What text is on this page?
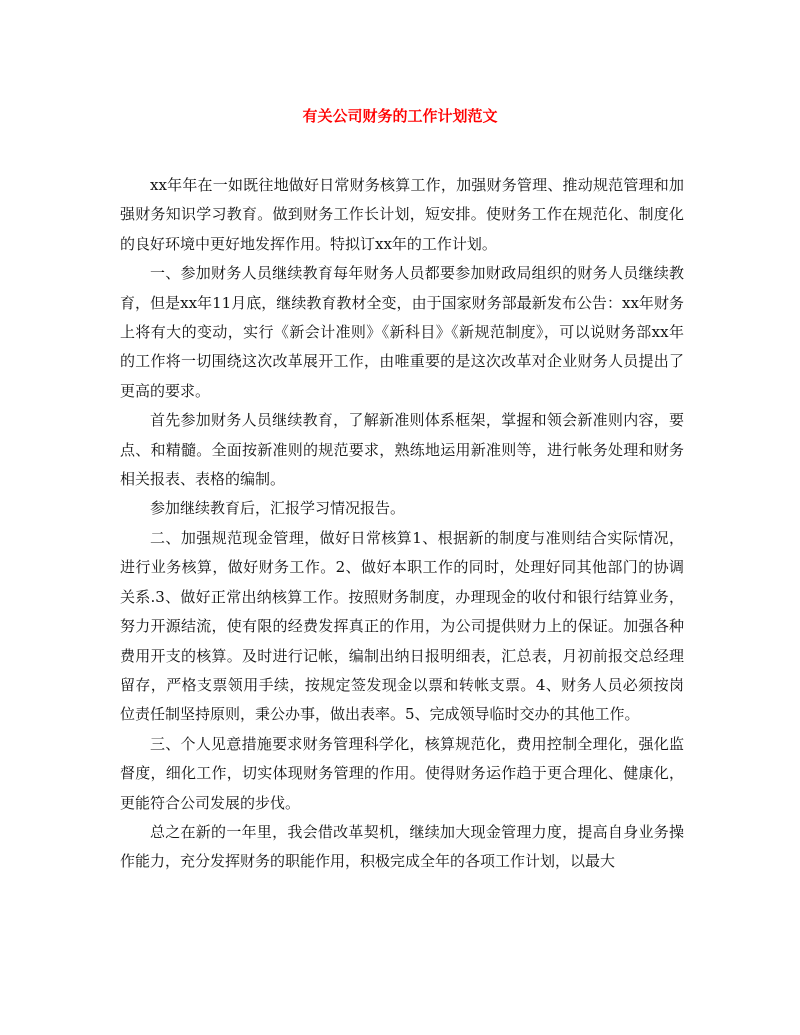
有关公司财务的工作计划范文

xx年年在一如既往地做好日常财务核算工作，加强财务管理、推动规范管理和加强财务知识学习教育。做到财务工作长计划，短安排。使财务工作在规范化、制度化的良好环境中更好地发挥作用。特拟订xx年的工作计划。

一、参加财务人员继续教育每年财务人员都要参加财政局组织的财务人员继续教育，但是xx年11月底，继续教育教材全变，由于国家财务部最新发布公告：xx年财务上将有大的变动，实行《新会计准则》《新科目》《新规范制度》，可以说财务部xx年的工作将一切围绕这次改革展开工作，由唯重要的是这次改革对企业财务人员提出了更高的要求。

首先参加财务人员继续教育，了解新准则体系框架，掌握和领会新准则内容，要点、和精髓。全面按新准则的规范要求，熟练地运用新准则等，进行帐务处理和财务相关报表、表格的编制。

参加继续教育后，汇报学习情况报告。

二、加强规范现金管理，做好日常核算1、根据新的制度与准则结合实际情况，进行业务核算，做好财务工作。2、做好本职工作的同时，处理好同其他部门的协调关系.3、做好正常出纳核算工作。按照财务制度，办理现金的收付和银行结算业务，努力开源结流，使有限的经费发挥真正的作用，为公司提供财力上的保证。加强各种费用开支的核算。及时进行记帐，编制出纳日报明细表，汇总表，月初前报交总经理留存，严格支票领用手续，按规定签发现金以票和转帐支票。4、财务人员必须按岗位责任制坚持原则，秉公办事，做出表率。5、完成领导临时交办的其他工作。

三、个人见意措施要求财务管理科学化，核算规范化，费用控制全理化，强化监督度，细化工作，切实体现财务管理的作用。使得财务运作趋于更合理化、健康化，更能符合公司发展的步伐。

总之在新的一年里，我会借改革契机，继续加大现金管理力度，提高自身业务操作能力，充分发挥财务的职能作用，积极完成全年的各项工作计划，以最大
